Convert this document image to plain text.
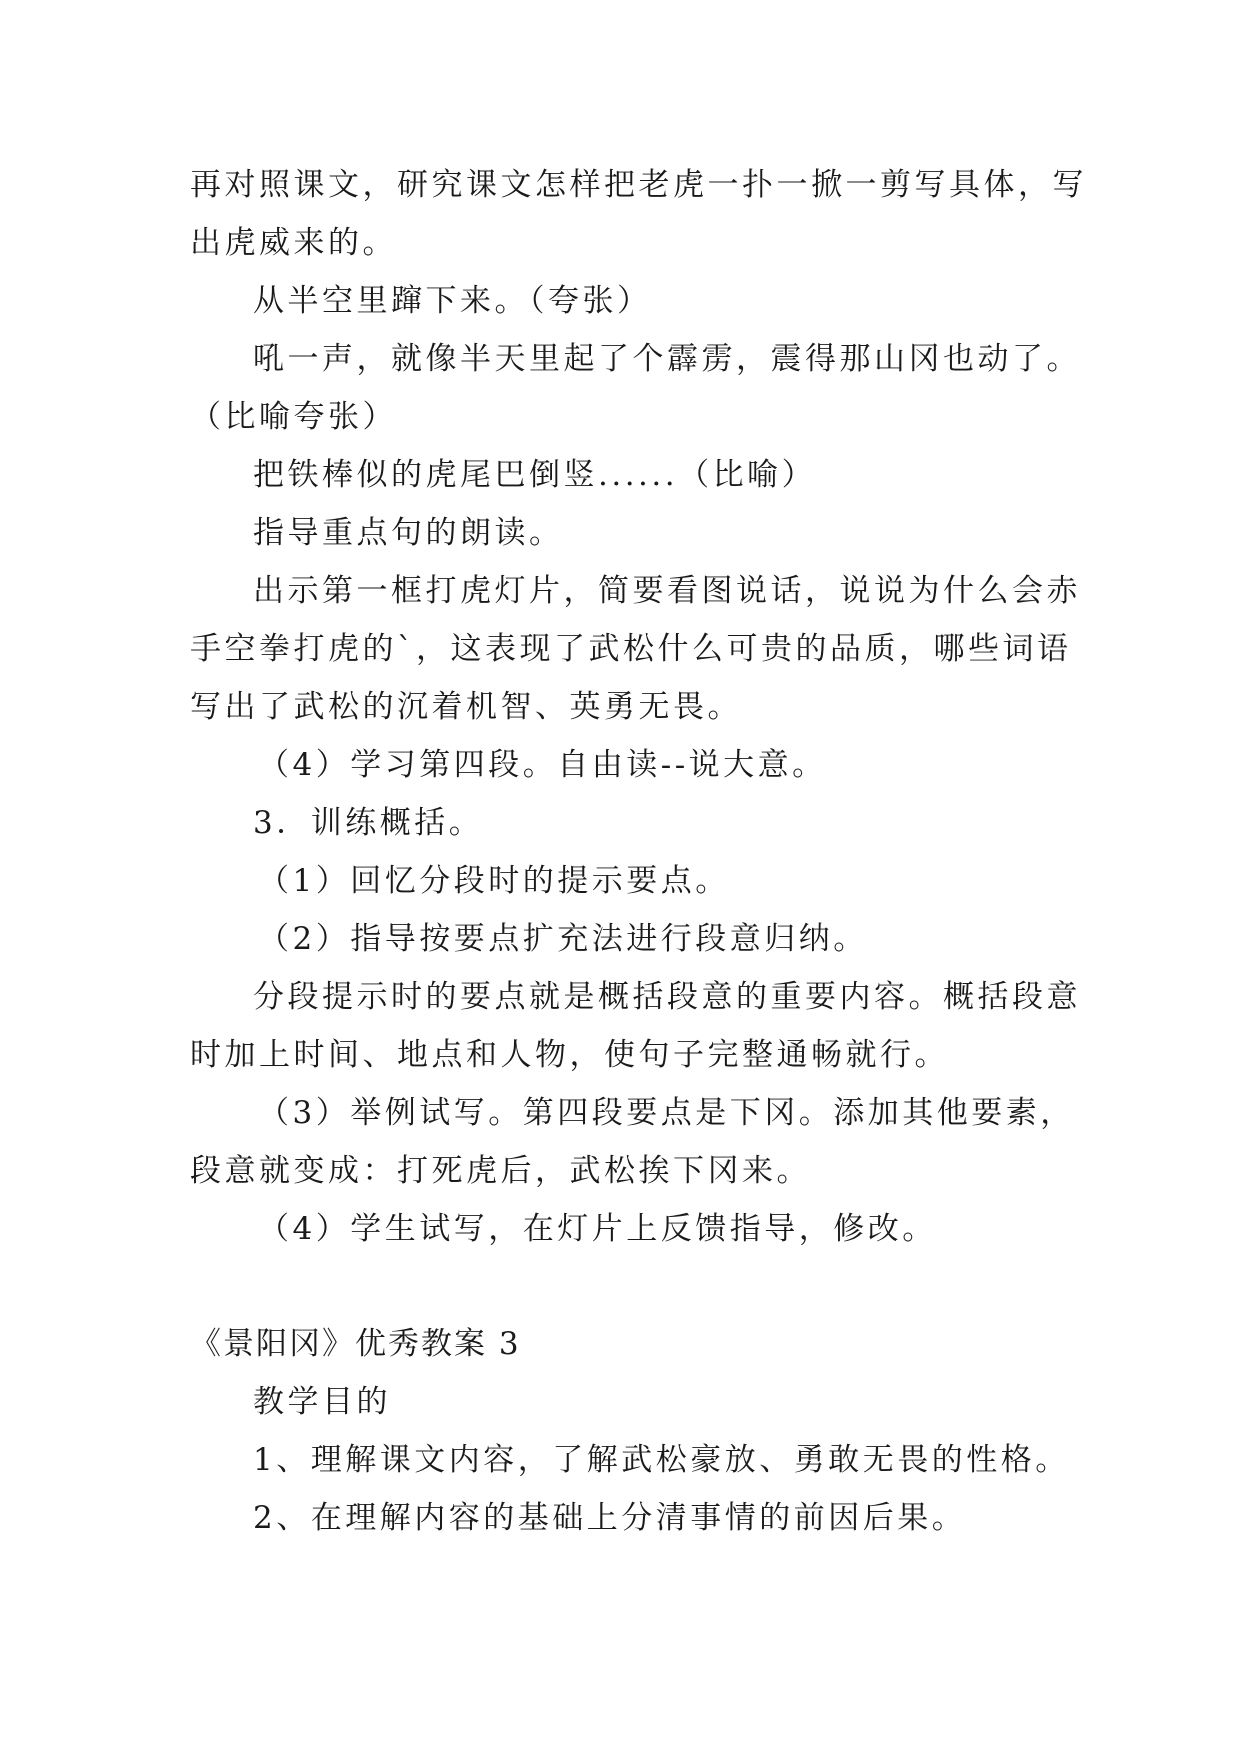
再对照课文，研究课文怎样把老虎一扑一掀一剪写具体，写
出虎威来的。
从半空里蹿下来。（夸张）
吼一声，就像半天里起了个霹雳，震得那山冈也动了。
（比喻夸张）
把铁棒似的虎尾巴倒竖......（比喻）
指导重点句的朗读。
出示第一框打虎灯片，简要看图说话，说说为什么会赤
手空拳打虎的`，这表现了武松什么可贵的品质，哪些词语
写出了武松的沉着机智、英勇无畏。
（4）学习第四段。自由读--说大意。
3．训练概括。
（1）回忆分段时的提示要点。
（2）指导按要点扩充法进行段意归纳。
分段提示时的要点就是概括段意的重要内容。概括段意
时加上时间、地点和人物，使句子完整通畅就行。
（3）举例试写。第四段要点是下冈。添加其他要素，
段意就变成：打死虎后，武松挨下冈来。
（4）学生试写，在灯片上反馈指导，修改。
《景阳冈》优秀教案 3
教学目的
1、理解课文内容，了解武松豪放、勇敢无畏的性格。
2、在理解内容的基础上分清事情的前因后果。
